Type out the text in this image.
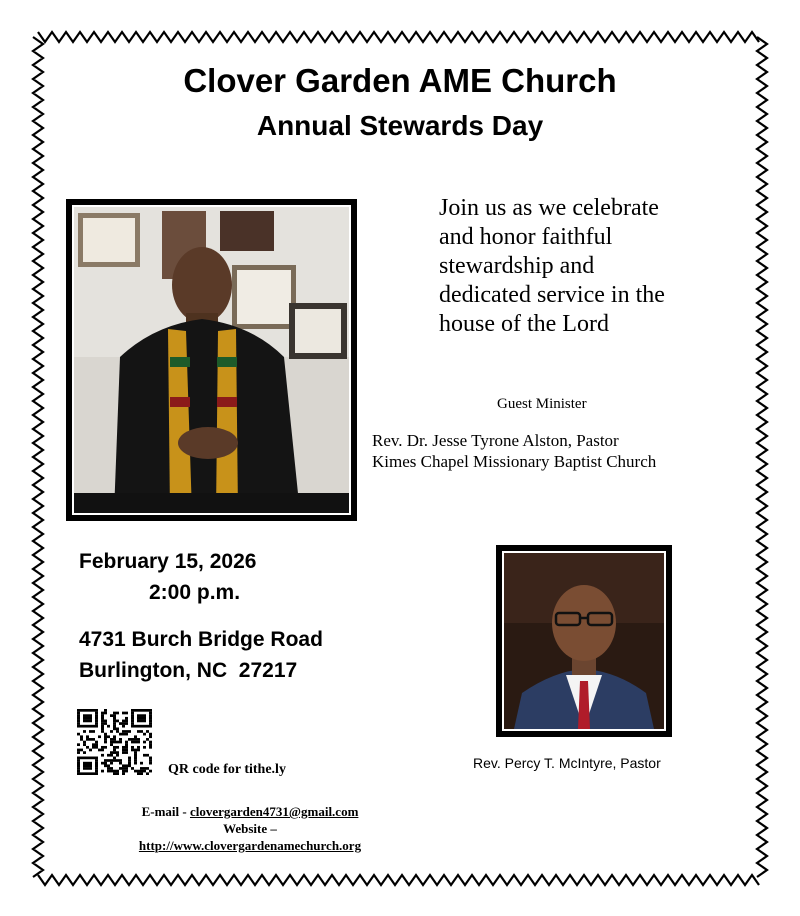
Clover Garden AME Church
Annual Stewards Day
Join us as we celebrate
and honor faithful
stewardship and
dedicated service in the
house of the Lord
Guest Minister
Rev. Dr. Jesse Tyrone Alston, Pastor
Kimes Chapel Missionary Baptist Church
February 15, 2026
2:00 p.m.
4731 Burch Bridge Road
Burlington, NC  27217
QR code for tithe.ly	Rev. Percy T. McIntyre, Pastor
E-mail - clovergarden4731@gmail.com
Website –
http://www.clovergardenamechurch.org
